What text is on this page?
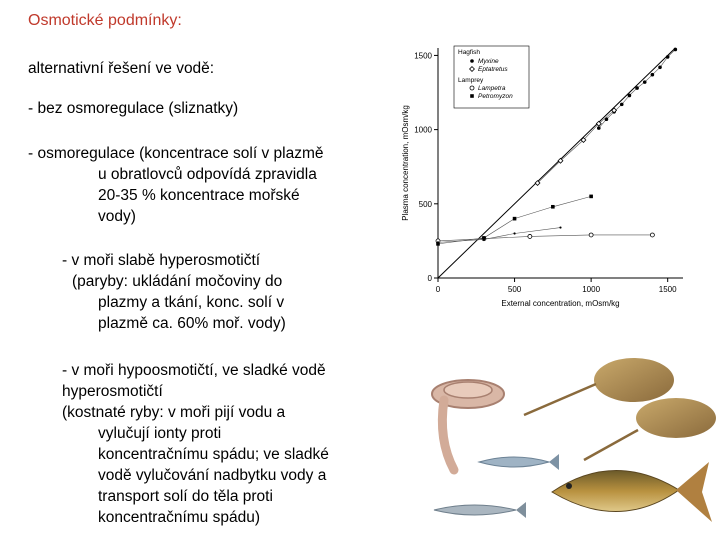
Osmotické podmínky:

alternativní řešení ve vodě:

- bez osmoregulace (sliznatky)

- osmoregulace (koncentrace solí v plazmě
u obratlovců odpovídá zpravidla
20-35 % koncentrace mořské
vody)

- v moři slabě hyperosmotičtí
(paryby: ukládání močoviny do
plazmy a tkání, konc. solí v
plazmě ca. 60% moř. vody)

- v moři hypoosmotičtí, ve sladké vodě
hyperosmotičtí
(kostnaté ryby: v moři pijí vodu a
vylučují ionty proti
koncentračnímu spádu; ve sladké
vodě vylučování nadbytku vody a
transport solí do těla proti
koncentračnímu spádu)

0	500	1000	1500
0
500
1000
1500
External concentration, mOsm/kg
Plasma concentration, mOsm/kg
Hagfish
Lamprey
Myxine
Eptatretus
Lampetra
Petromyzon
